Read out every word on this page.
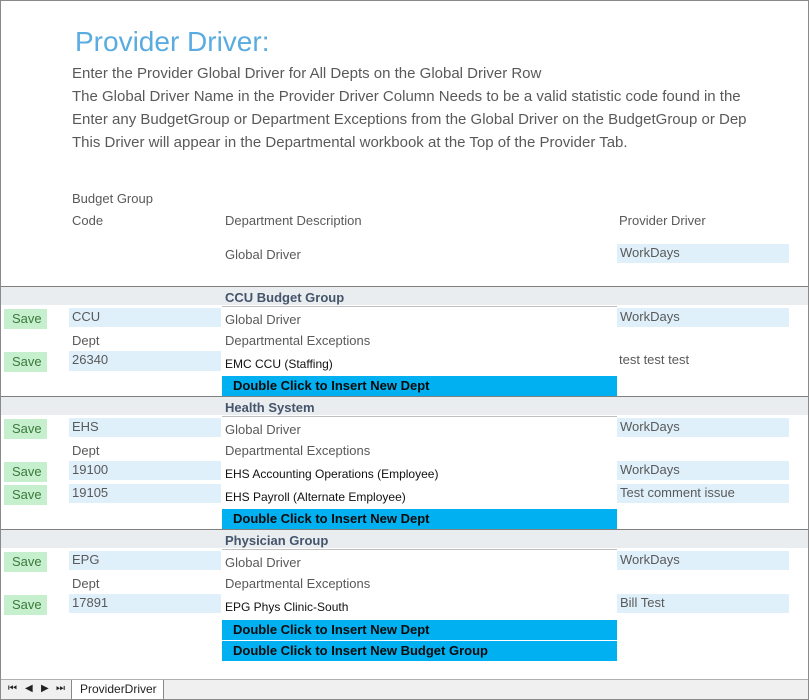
Provider Driver:
Enter the Provider Global Driver for All Depts on the Global Driver Row
The Global Driver Name in the Provider Driver Column Needs to be a valid statistic code found in the
Enter any BudgetGroup or Department Exceptions from the Global Driver on the BudgetGroup or Dep
This Driver will appear in the Departmental workbook at the Top of the Provider Tab.
Budget Group
Code	Department Description	Provider Driver
Global Driver	WorkDays
CCU Budget Group
Save	CCU	Global Driver	WorkDays
Dept	Departmental Exceptions
Save	26340	EMC CCU (Staffing)	test test test
Double Click to Insert New Dept
Health System
Save	EHS	Global Driver	WorkDays
Dept	Departmental Exceptions
Save	19100	EHS Accounting Operations (Employee)	WorkDays
Save	19105	EHS Payroll (Alternate Employee)	Test comment issue
Double Click to Insert New Dept
Physician Group
Save	EPG	Global Driver	WorkDays
Dept	Departmental Exceptions
Save	17891	EPG Phys Clinic-South	Bill Test
Double Click to Insert New Dept
Double Click to Insert New Budget Group
⏮ ◀ ▶ ⏭	ProviderDriver
